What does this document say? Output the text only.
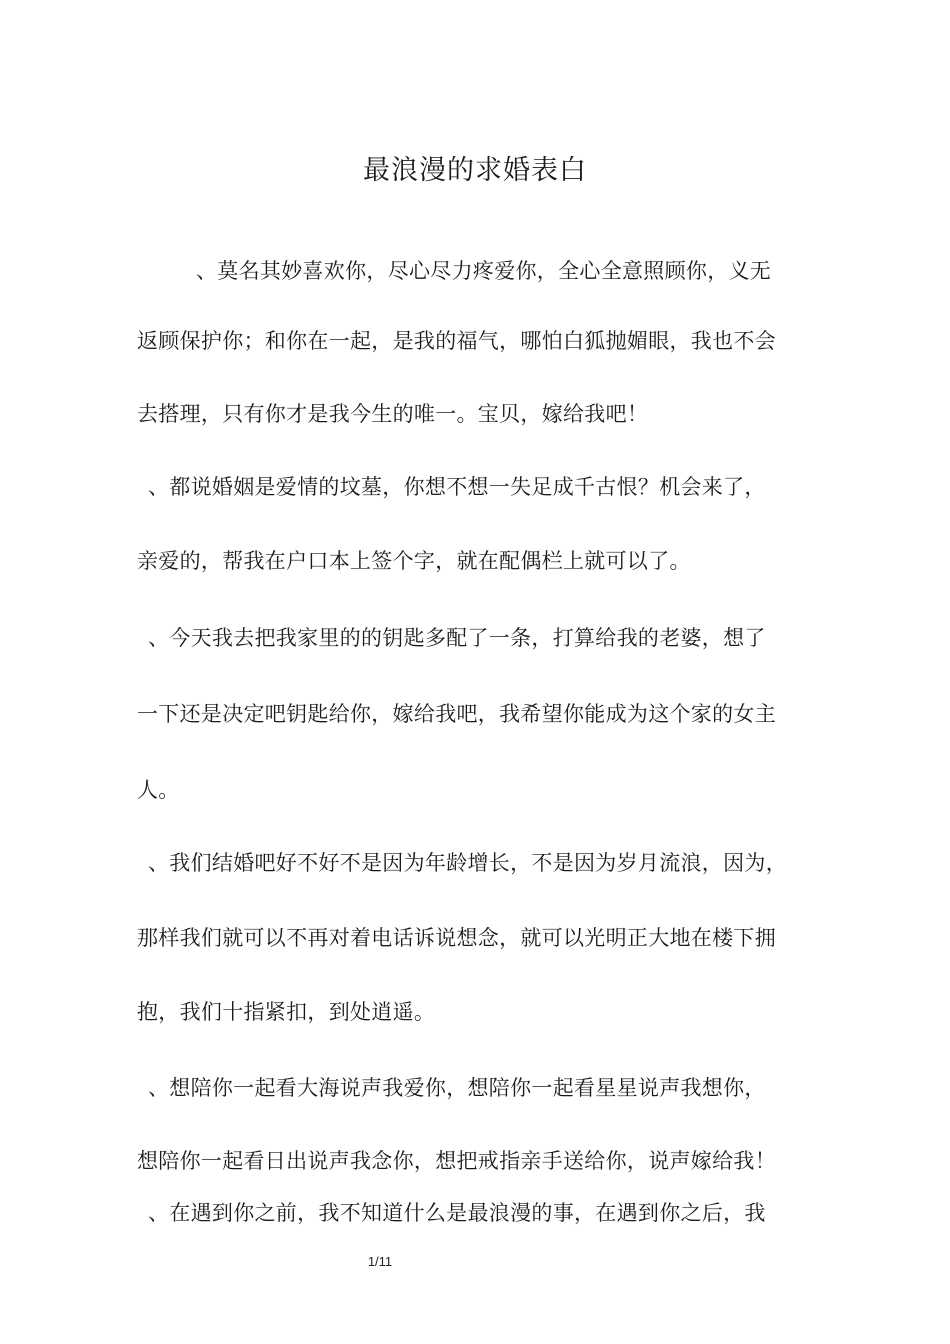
最浪漫的求婚表白
、莫名其妙喜欢你，尽心尽力疼爱你，全心全意照顾你，义无
返顾保护你；和你在一起，是我的福气，哪怕白狐抛媚眼，我也不会
去搭理，只有你才是我今生的唯一。宝贝，嫁给我吧！
、都说婚姻是爱情的坟墓，你想不想一失足成千古恨？机会来了，
亲爱的，帮我在户口本上签个字，就在配偶栏上就可以了。
、今天我去把我家里的的钥匙多配了一条，打算给我的老婆，想了
一下还是决定吧钥匙给你，嫁给我吧，我希望你能成为这个家的女主
人。
、我们结婚吧好不好不是因为年龄增长，不是因为岁月流浪，因为，
那样我们就可以不再对着电话诉说想念，就可以光明正大地在楼下拥
抱，我们十指紧扣，到处逍遥。
、想陪你一起看大海说声我爱你，想陪你一起看星星说声我想你，
想陪你一起看日出说声我念你，想把戒指亲手送给你，说声嫁给我！
、在遇到你之前，我不知道什么是最浪漫的事，在遇到你之后，我
1/11
